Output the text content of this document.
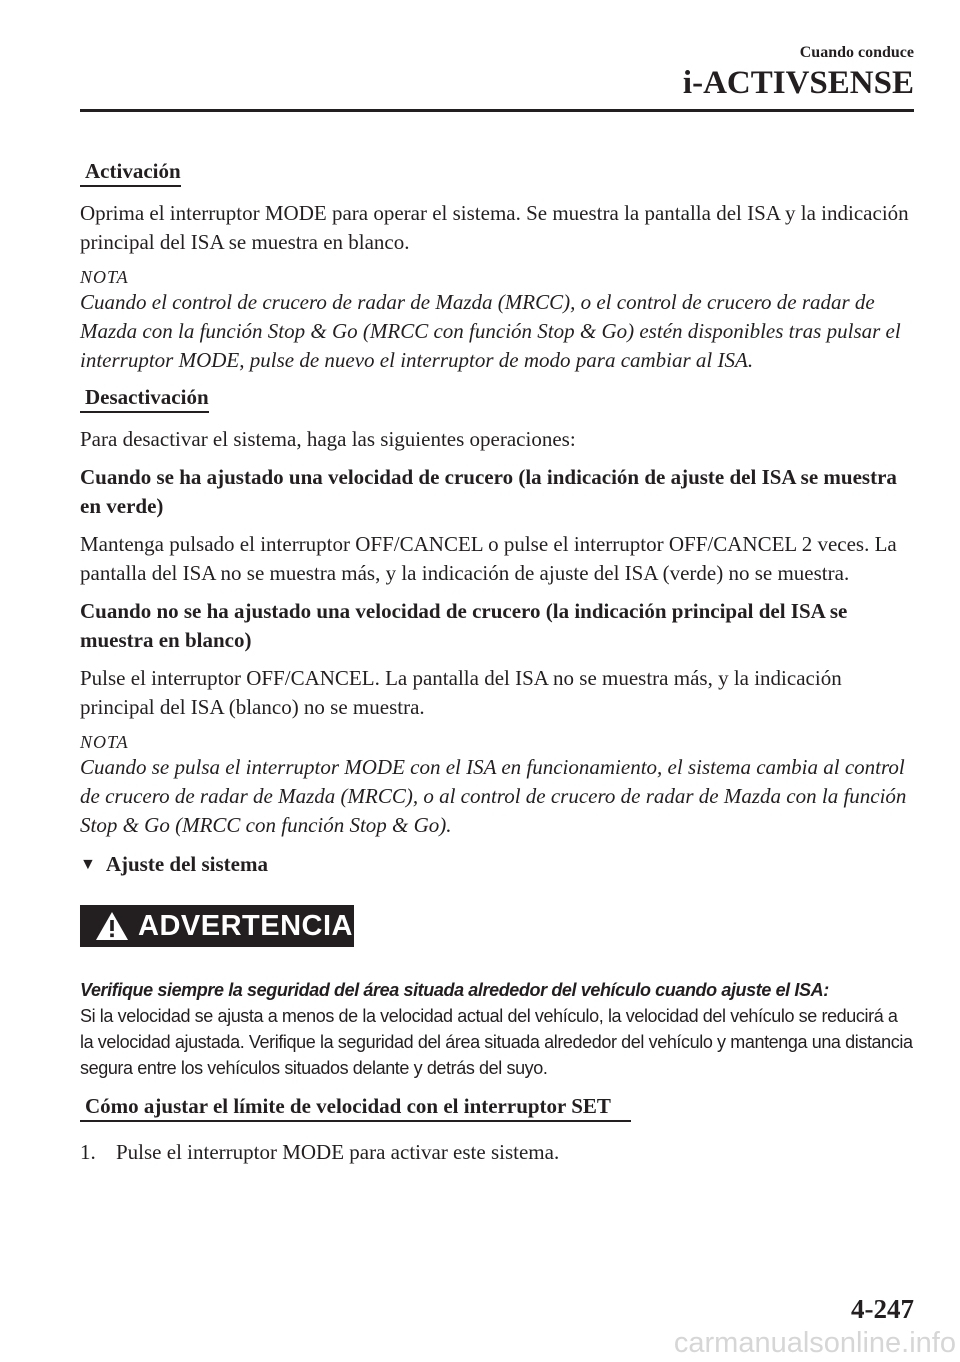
Cuando conduce
i-ACTIVSENSE
Activación

Oprima el interruptor MODE para operar el sistema. Se muestra la pantalla del ISA y la indicación principal del ISA se muestra en blanco.

NOTA

Cuando el control de crucero de radar de Mazda (MRCC), o el control de crucero de radar de Mazda con la función Stop & Go (MRCC con función Stop & Go) estén disponibles tras pulsar el interruptor MODE, pulse de nuevo el interruptor de modo para cambiar al ISA.

Desactivación

Para desactivar el sistema, haga las siguientes operaciones:

Cuando se ha ajustado una velocidad de crucero (la indicación de ajuste del ISA se muestra en verde)

Mantenga pulsado el interruptor OFF/CANCEL o pulse el interruptor OFF/CANCEL 2 veces. La pantalla del ISA no se muestra más, y la indicación de ajuste del ISA (verde) no se muestra.

Cuando no se ha ajustado una velocidad de crucero (la indicación principal del ISA se muestra en blanco)

Pulse el interruptor OFF/CANCEL. La pantalla del ISA no se muestra más, y la indicación principal del ISA (blanco) no se muestra.

NOTA

Cuando se pulsa el interruptor MODE con el ISA en funcionamiento, el sistema cambia al control de crucero de radar de Mazda (MRCC), o al control de crucero de radar de Mazda con la función Stop & Go (MRCC con función Stop & Go).

▼ Ajuste del sistema
ADVERTENCIA

Verifique siempre la seguridad del área situada alrededor del vehículo cuando ajuste el ISA:
Si la velocidad se ajusta a menos de la velocidad actual del vehículo, la velocidad del vehículo se reducirá a la velocidad ajustada. Verifique la seguridad del área situada alrededor del vehículo y mantenga una distancia segura entre los vehículos situados delante y detrás del suyo.

Cómo ajustar el límite de velocidad con el interruptor SET
1. Pulse el interruptor MODE para activar este sistema.
4-247
carmanualsonline.info
